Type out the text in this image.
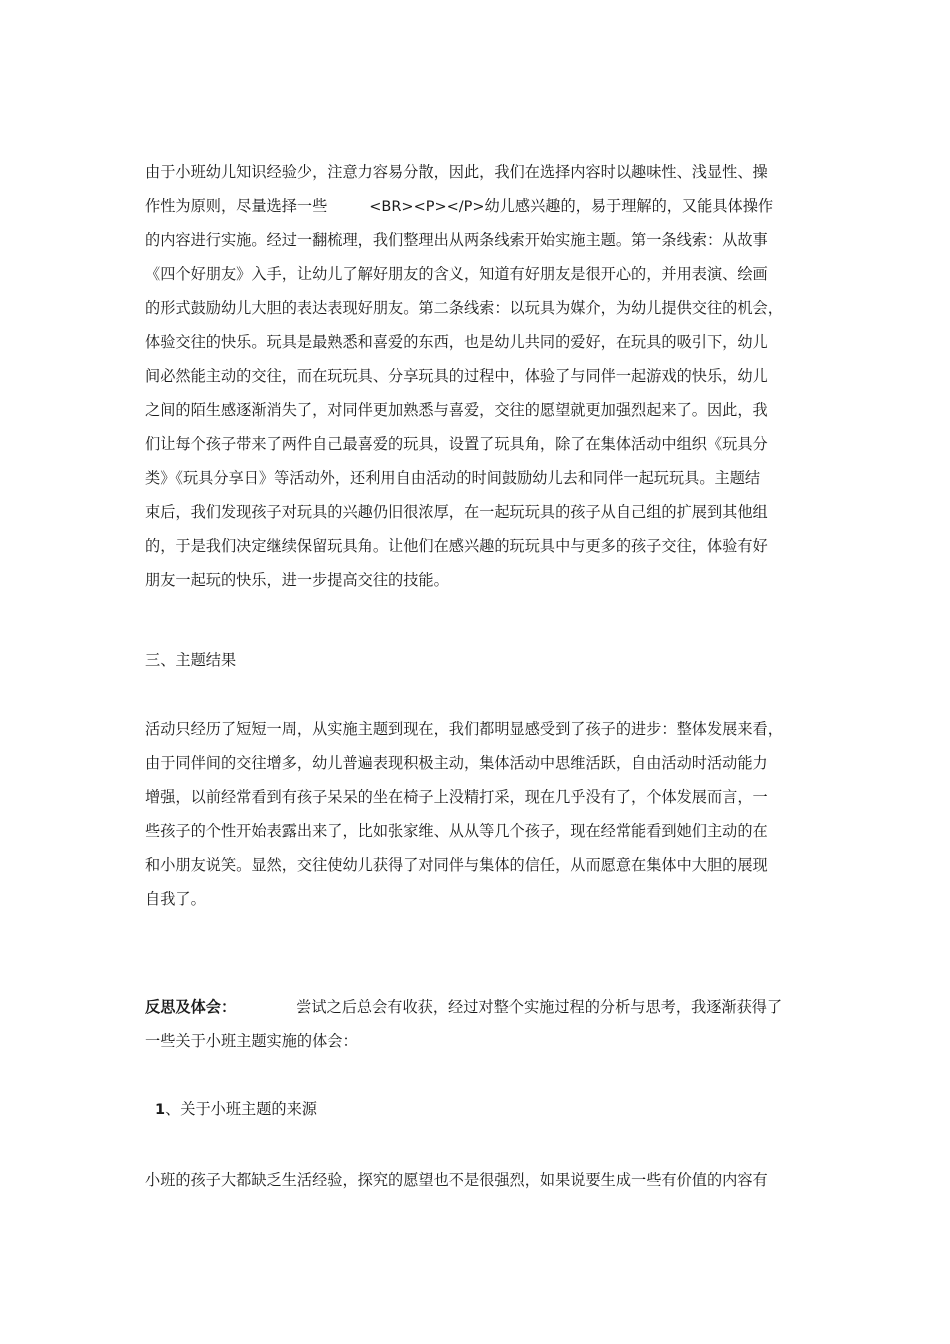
由于小班幼儿知识经验少，注意力容易分散，因此，我们在选择内容时以趣味性、浅显性、操
作性为原则，尽量选择一些	<BR><P></P>幼儿感兴趣的，易于理解的，又能具体操作
的内容进行实施。经过一翻梳理，我们整理出从两条线索开始实施主题。第一条线索：从故事
《四个好朋友》入手，让幼儿了解好朋友的含义，知道有好朋友是很开心的，并用表演、绘画
的形式鼓励幼儿大胆的表达表现好朋友。第二条线索：以玩具为媒介，为幼儿提供交往的机会，
体验交往的快乐。玩具是最熟悉和喜爱的东西，也是幼儿共同的爱好，在玩具的吸引下，幼儿
间必然能主动的交往，而在玩玩具、分享玩具的过程中，体验了与同伴一起游戏的快乐，幼儿
之间的陌生感逐渐消失了，对同伴更加熟悉与喜爱，交往的愿望就更加强烈起来了。因此，我
们让每个孩子带来了两件自己最喜爱的玩具，设置了玩具角，除了在集体活动中组织《玩具分
类》《玩具分享日》等活动外，还利用自由活动的时间鼓励幼儿去和同伴一起玩玩具。主题结
束后，我们发现孩子对玩具的兴趣仍旧很浓厚，在一起玩玩具的孩子从自己组的扩展到其他组
的，于是我们决定继续保留玩具角。让他们在感兴趣的玩玩具中与更多的孩子交往，体验有好
朋友一起玩的快乐，进一步提高交往的技能。
三、主题结果
活动只经历了短短一周，从实施主题到现在，我们都明显感受到了孩子的进步：整体发展来看，
由于同伴间的交往增多，幼儿普遍表现积极主动，集体活动中思维活跃，自由活动时活动能力
增强，以前经常看到有孩子呆呆的坐在椅子上没精打采，现在几乎没有了，个体发展而言，一
些孩子的个性开始表露出来了，比如张家维、从从等几个孩子，现在经常能看到她们主动的在
和小朋友说笑。显然，交往使幼儿获得了对同伴与集体的信任，从而愿意在集体中大胆的展现
自我了。
反思及体会：	尝试之后总会有收获，经过对整个实施过程的分析与思考，我逐渐获得了
一些关于小班主题实施的体会：
1、关于小班主题的来源
小班的孩子大都缺乏生活经验，探究的愿望也不是很强烈，如果说要生成一些有价值的内容有
